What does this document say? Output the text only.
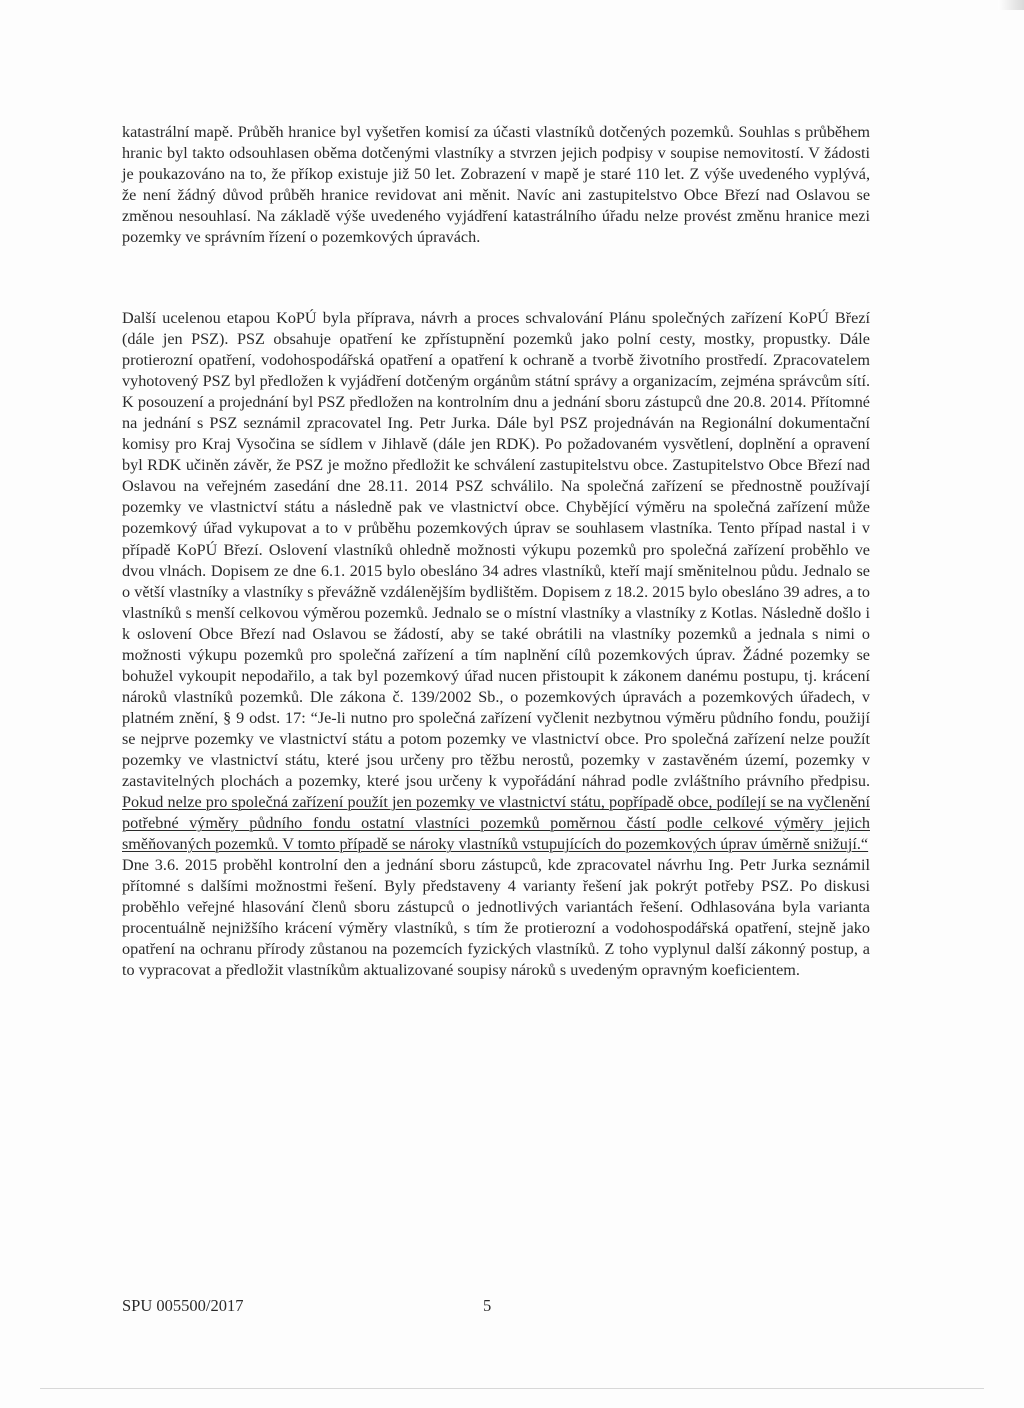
katastrální mapě. Průběh hranice byl vyšetřen komisí za účasti vlastníků dotčených pozemků. Souhlas s průběhem hranic byl takto odsouhlasen oběma dotčenými vlastníky a stvrzen jejich podpisy v soupise nemovitostí. V žádosti je poukazováno na to, že příkop existuje již 50 let. Zobrazení v mapě je staré 110 let. Z výše uvedeného vyplývá, že není žádný důvod průběh hranice revidovat ani měnit. Navíc ani zastupitelstvo Obce Březí nad Oslavou se změnou nesouhlasí. Na základě výše uvedeného vyjádření katastrálního úřadu nelze provést změnu hranice mezi pozemky ve správním řízení o pozemkových úpravách.

Další ucelenou etapou KoPÚ byla příprava, návrh a proces schvalování Plánu společných zařízení KoPÚ Březí (dále jen PSZ). PSZ obsahuje opatření ke zpřístupnění pozemků jako polní cesty, mostky, propustky. Dále protierozní opatření, vodohospodářská opatření a opatření k ochraně a tvorbě životního prostředí. Zpracovatelem vyhotovený PSZ byl předložen k vyjádření dotčeným orgánům státní správy a organizacím, zejména správcům sítí. K posouzení a projednání byl PSZ předložen na kontrolním dnu a jednání sboru zástupců dne 20.8. 2014. Přítomné na jednání s PSZ seznámil zpracovatel Ing. Petr Jurka. Dále byl PSZ projednáván na Regionální dokumentační komisy pro Kraj Vysočina se sídlem v Jihlavě (dále jen RDK). Po požadovaném vysvětlení, doplnění a opravení byl RDK učiněn závěr, že PSZ je možno předložit ke schválení zastupitelstvu obce. Zastupitelstvo Obce Březí nad Oslavou na veřejném zasedání dne 28.11. 2014 PSZ schválilo. Na společná zařízení se přednostně používají pozemky ve vlastnictví státu a následně pak ve vlastnictví obce. Chybějící výměru na společná zařízení může pozemkový úřad vykupovat a to v průběhu pozemkových úprav se souhlasem vlastníka. Tento případ nastal i v případě KoPÚ Březí. Oslovení vlastníků ohledně možnosti výkupu pozemků pro společná zařízení proběhlo ve dvou vlnách. Dopisem ze dne 6.1. 2015 bylo obesláno 34 adres vlastníků, kteří mají směnitelnou půdu. Jednalo se o větší vlastníky a vlastníky s převážně vzdálenějším bydlištěm. Dopisem z 18.2. 2015 bylo obesláno 39 adres, a to vlastníků s menší celkovou výměrou pozemků. Jednalo se o místní vlastníky a vlastníky z Kotlas. Následně došlo i k oslovení Obce Březí nad Oslavou se žádostí, aby se také obrátili na vlastníky pozemků a jednala s nimi o možnosti výkupu pozemků pro společná zařízení a tím naplnění cílů pozemkových úprav. Žádné pozemky se bohužel vykoupit nepodařilo, a tak byl pozemkový úřad nucen přistoupit k zákonem danému postupu, tj. krácení nároků vlastníků pozemků. Dle zákona č. 139/2002 Sb., o pozemkových úpravách a pozemkových úřadech, v platném znění, § 9 odst. 17: “Je-li nutno pro společná zařízení vyčlenit nezbytnou výměru půdního fondu, použijí se nejprve pozemky ve vlastnictví státu a potom pozemky ve vlastnictví obce. Pro společná zařízení nelze použít pozemky ve vlastnictví státu, které jsou určeny pro těžbu nerostů, pozemky v zastavěném území, pozemky v zastavitelných plochách a pozemky, které jsou určeny k vypořádání náhrad podle zvláštního právního předpisu. Pokud nelze pro společná zařízení použít jen pozemky ve vlastnictví státu, popřípadě obce, podílejí se na vyčlenění potřebné výměry půdního fondu ostatní vlastníci pozemků poměrnou částí podle celkové výměry jejich směňovaných pozemků. V tomto případě se nároky vlastníků vstupujících do pozemkových úprav úměrně snižují.“
Dne 3.6. 2015 proběhl kontrolní den a jednání sboru zástupců, kde zpracovatel návrhu Ing. Petr Jurka seznámil přítomné s dalšími možnostmi řešení. Byly představeny 4 varianty řešení jak pokrýt potřeby PSZ. Po diskusi proběhlo veřejné hlasování členů sboru zástupců o jednotlivých variantách řešení. Odhlasována byla varianta procentuálně nejnižšího krácení výměry vlastníků, s tím že protierozní a vodohospodářská opatření, stejně jako opatření na ochranu přírody zůstanou na pozemcích fyzických vlastníků. Z toho vyplynul další zákonný postup, a to vypracovat a předložit vlastníkům aktualizované soupisy nároků s uvedeným opravným koeficientem.

SPU 005500/2017	5
